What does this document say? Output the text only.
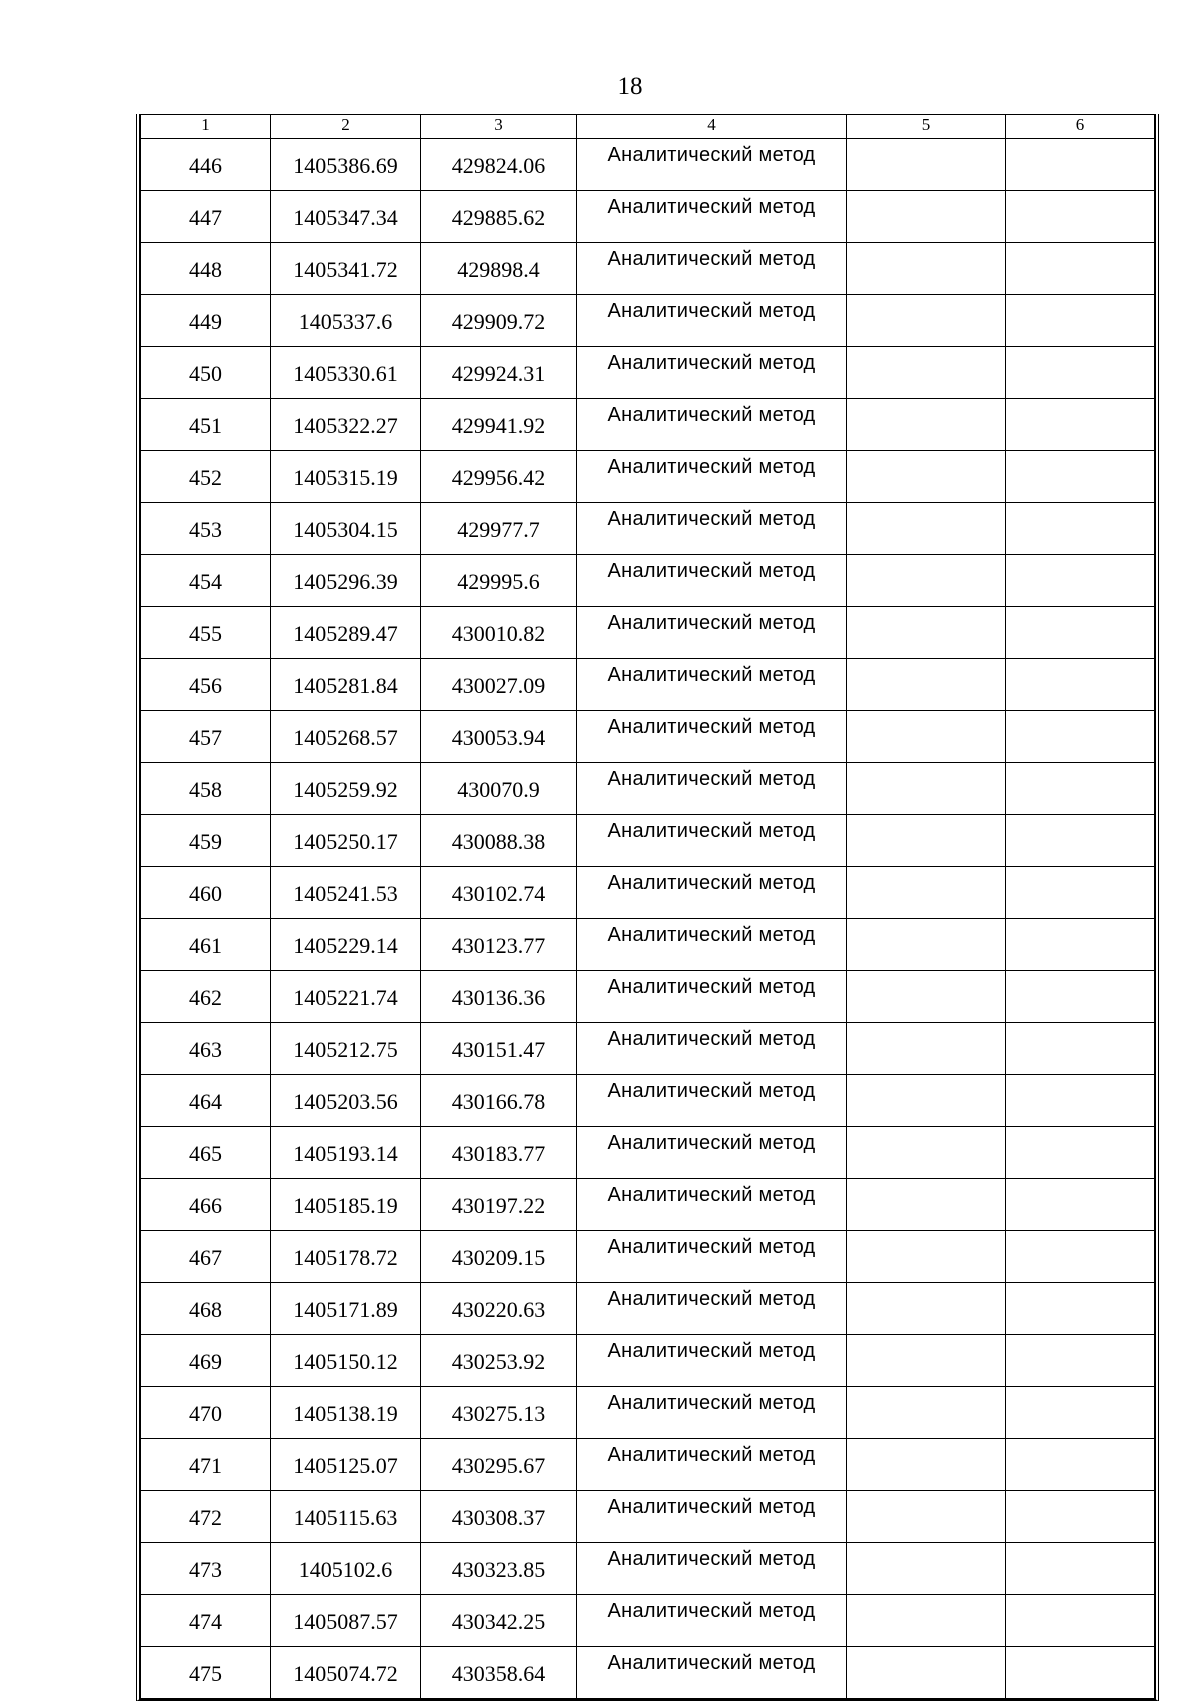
18
1	2	3	4	5	6
446	1405386.69	429824.06	Аналитический метод		
447	1405347.34	429885.62	Аналитический метод		
448	1405341.72	429898.4	Аналитический метод		
449	1405337.6	429909.72	Аналитический метод		
450	1405330.61	429924.31	Аналитический метод		
451	1405322.27	429941.92	Аналитический метод		
452	1405315.19	429956.42	Аналитический метод		
453	1405304.15	429977.7	Аналитический метод		
454	1405296.39	429995.6	Аналитический метод		
455	1405289.47	430010.82	Аналитический метод		
456	1405281.84	430027.09	Аналитический метод		
457	1405268.57	430053.94	Аналитический метод		
458	1405259.92	430070.9	Аналитический метод		
459	1405250.17	430088.38	Аналитический метод		
460	1405241.53	430102.74	Аналитический метод		
461	1405229.14	430123.77	Аналитический метод		
462	1405221.74	430136.36	Аналитический метод		
463	1405212.75	430151.47	Аналитический метод		
464	1405203.56	430166.78	Аналитический метод		
465	1405193.14	430183.77	Аналитический метод		
466	1405185.19	430197.22	Аналитический метод		
467	1405178.72	430209.15	Аналитический метод		
468	1405171.89	430220.63	Аналитический метод		
469	1405150.12	430253.92	Аналитический метод		
470	1405138.19	430275.13	Аналитический метод		
471	1405125.07	430295.67	Аналитический метод		
472	1405115.63	430308.37	Аналитический метод		
473	1405102.6	430323.85	Аналитический метод		
474	1405087.57	430342.25	Аналитический метод		
475	1405074.72	430358.64	Аналитический метод		
